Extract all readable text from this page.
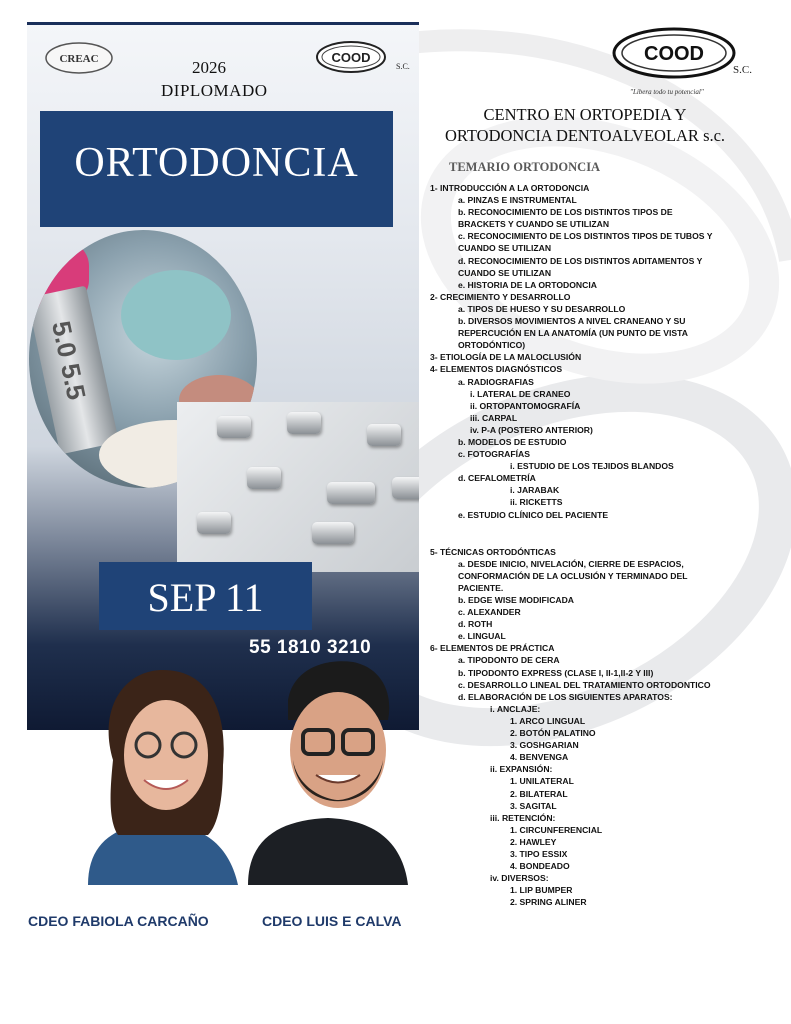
CREAC	COOD
S.C.
2026
DIPLOMADO
ORTODONCIA
5.0 5.5
SEP 11
55 1810 3210
CDEO FABIOLA CARCAÑO	CDEO LUIS E CALVA
COOD
S.C.
"Libera todo tu potencial"
CENTRO EN ORTOPEDIA Y
ORTODONCIA DENTOALVEOLAR s.c.
TEMARIO ORTODONCIA
1- INTRODUCCIÓN A LA ORTODONCIA
a. PINZAS E INSTRUMENTAL
b. RECONOCIMIENTO DE LOS DISTINTOS TIPOS DE BRACKETS Y CUANDO SE UTILIZAN
c. RECONOCIMIENTO DE LOS DISTINTOS TIPOS DE TUBOS Y CUANDO SE UTILIZAN
d. RECONOCIMIENTO DE LOS DISTINTOS ADITAMENTOS Y CUANDO SE UTILIZAN
e. HISTORIA DE LA ORTODONCIA
2- CRECIMIENTO Y DESARROLLO
a. TIPOS DE HUESO Y SU DESARROLLO
b. DIVERSOS MOVIMIENTOS A NIVEL CRANEANO Y SU REPERCUCIÓN EN LA ANATOMÍA (UN PUNTO DE VISTA ORTODÓNTICO)
3- ETIOLOGÍA DE LA MALOCLUSIÓN
4- ELEMENTOS DIAGNÓSTICOS
a. RADIOGRAFIAS
i. LATERAL DE CRANEO
ii. ORTOPANTOMOGRAFÍA
iii. CARPAL
iv. P-A (POSTERO ANTERIOR)
b. MODELOS DE ESTUDIO
c. FOTOGRAFÍAS
i. ESTUDIO DE LOS TEJIDOS BLANDOS
d. CEFALOMETRÍA
i. JARABAK
ii. RICKETTS
e. ESTUDIO CLÍNICO DEL PACIENTE
5- TÉCNICAS ORTODÓNTICAS
a. DESDE INICIO, NIVELACIÓN, CIERRE DE ESPACIOS, CONFORMACIÓN DE LA OCLUSIÓN Y TERMINADO DEL PACIENTE.
b. EDGE WISE MODIFICADA
c. ALEXANDER
d. ROTH
e. LINGUAL
6- ELEMENTOS DE PRÁCTICA
a. TIPODONTO DE CERA
b. TIPODONTO EXPRESS (CLASE I, II-1,II-2 Y III)
c. DESARROLLO LINEAL DEL TRATAMIENTO ORTODONTICO
d. ELABORACIÓN DE LOS SIGUIENTES APARATOS:
i. ANCLAJE:
1. ARCO LINGUAL
2. BOTÓN PALATINO
3. GOSHGARIAN
4. BENVENGA
ii. EXPANSIÓN:
1. UNILATERAL
2. BILATERAL
3. SAGITAL
iii. RETENCIÓN:
1. CIRCUNFERENCIAL
2. HAWLEY
3. TIPO ESSIX
4. BONDEADO
iv. DIVERSOS:
1. LIP BUMPER
2. SPRING ALINER
